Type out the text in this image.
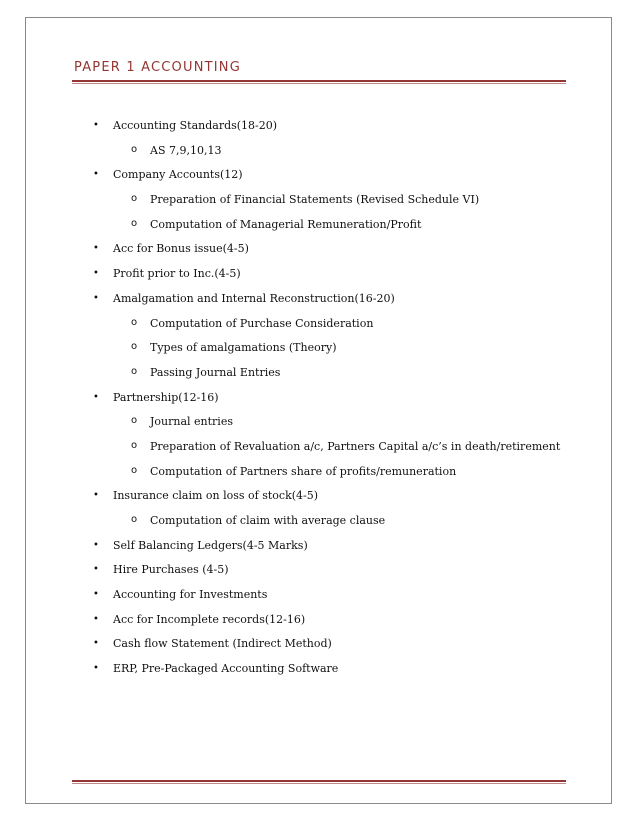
PAPER 1 ACCOUNTING
• Accounting Standards(18-20)
o AS 7,9,10,13
• Company Accounts(12)
o Preparation of Financial Statements (Revised Schedule VI)
o Computation of Managerial Remuneration/Profit
• Acc for Bonus issue(4-5)
• Profit prior to Inc.(4-5)
• Amalgamation and Internal Reconstruction(16-20)
o Computation of Purchase Consideration
o Types of amalgamations (Theory)
o Passing Journal Entries
• Partnership(12-16)
o Journal entries
o Preparation of Revaluation a/c, Partners Capital a/c’s in death/retirement
o Computation of Partners share of profits/remuneration
• Insurance claim on loss of stock(4-5)
o Computation of claim with average clause
• Self Balancing Ledgers(4-5 Marks)
• Hire Purchases (4-5)
• Accounting for Investments
• Acc for Incomplete records(12-16)
• Cash flow Statement (Indirect Method)
• ERP, Pre-Packaged Accounting Software
